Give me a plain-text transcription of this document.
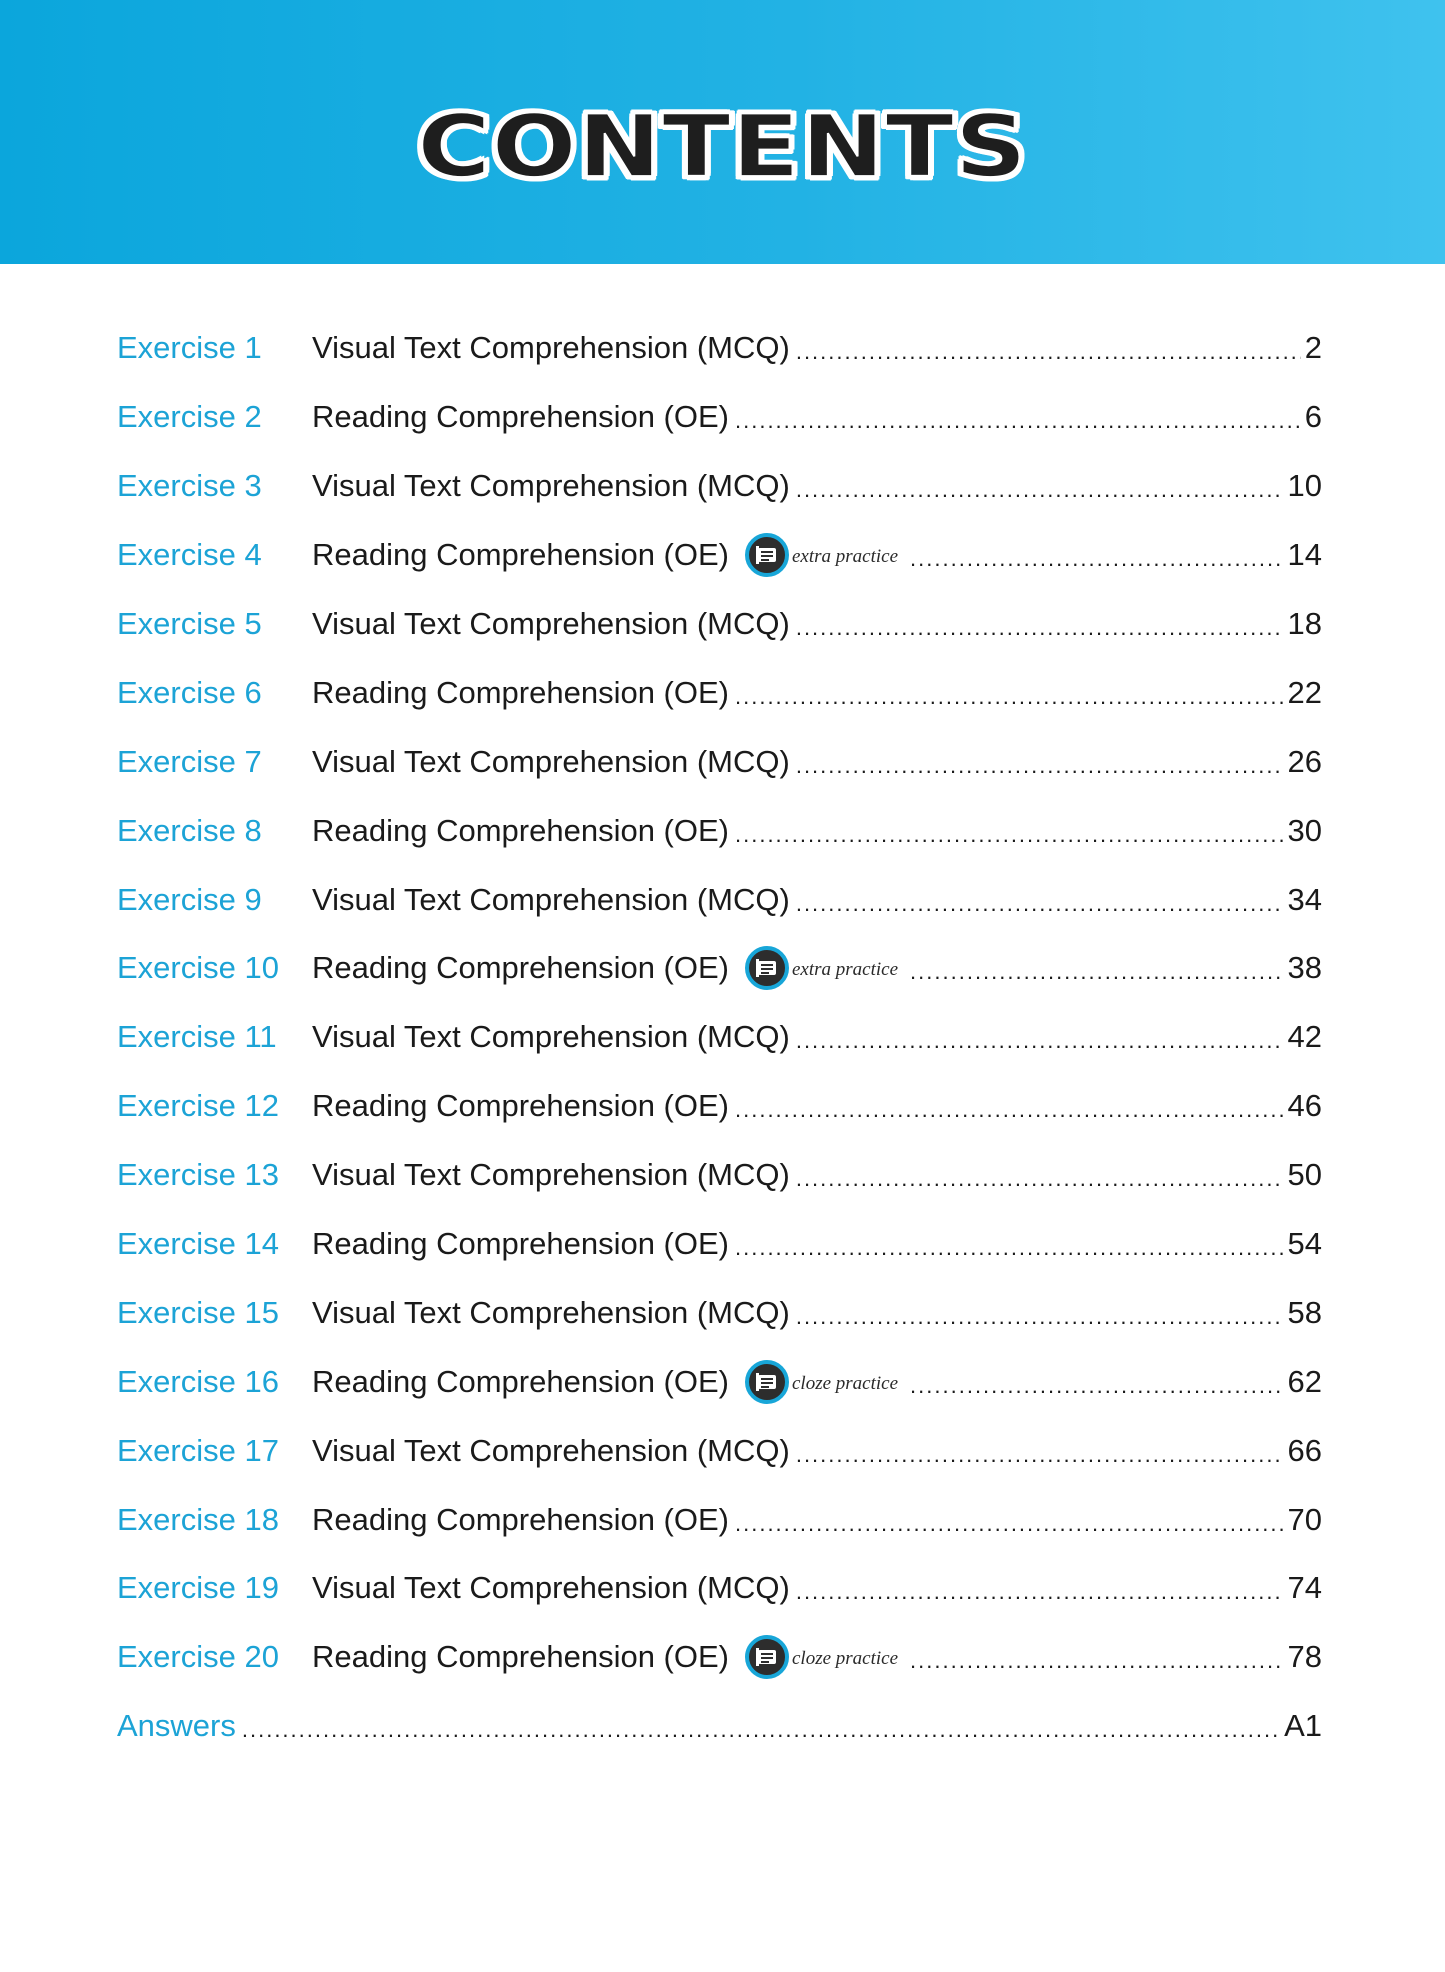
CONTENTS
Exercise 1	Visual Text Comprehension (MCQ) .....	2
Exercise 2	Reading Comprehension (OE) .....	6
Exercise 3	Visual Text Comprehension (MCQ) .....	10
Exercise 4	Reading Comprehension (OE)	extra practice .....	14
Exercise 5	Visual Text Comprehension (MCQ) .....	18
Exercise 6	Reading Comprehension (OE) .....	22
Exercise 7	Visual Text Comprehension (MCQ) .....	26
Exercise 8	Reading Comprehension (OE) .....	30
Exercise 9	Visual Text Comprehension (MCQ) .....	34
Exercise 10	Reading Comprehension (OE)	extra practice .....	38
Exercise 11	Visual Text Comprehension (MCQ) .....	42
Exercise 12	Reading Comprehension (OE) .....	46
Exercise 13	Visual Text Comprehension (MCQ) .....	50
Exercise 14	Reading Comprehension (OE) .....	54
Exercise 15	Visual Text Comprehension (MCQ) .....	58
Exercise 16	Reading Comprehension (OE)	cloze practice .....	62
Exercise 17	Visual Text Comprehension (MCQ) .....	66
Exercise 18	Reading Comprehension (OE) .....	70
Exercise 19	Visual Text Comprehension (MCQ) .....	74
Exercise 20	Reading Comprehension (OE)	cloze practice .....	78
Answers .....	A1
